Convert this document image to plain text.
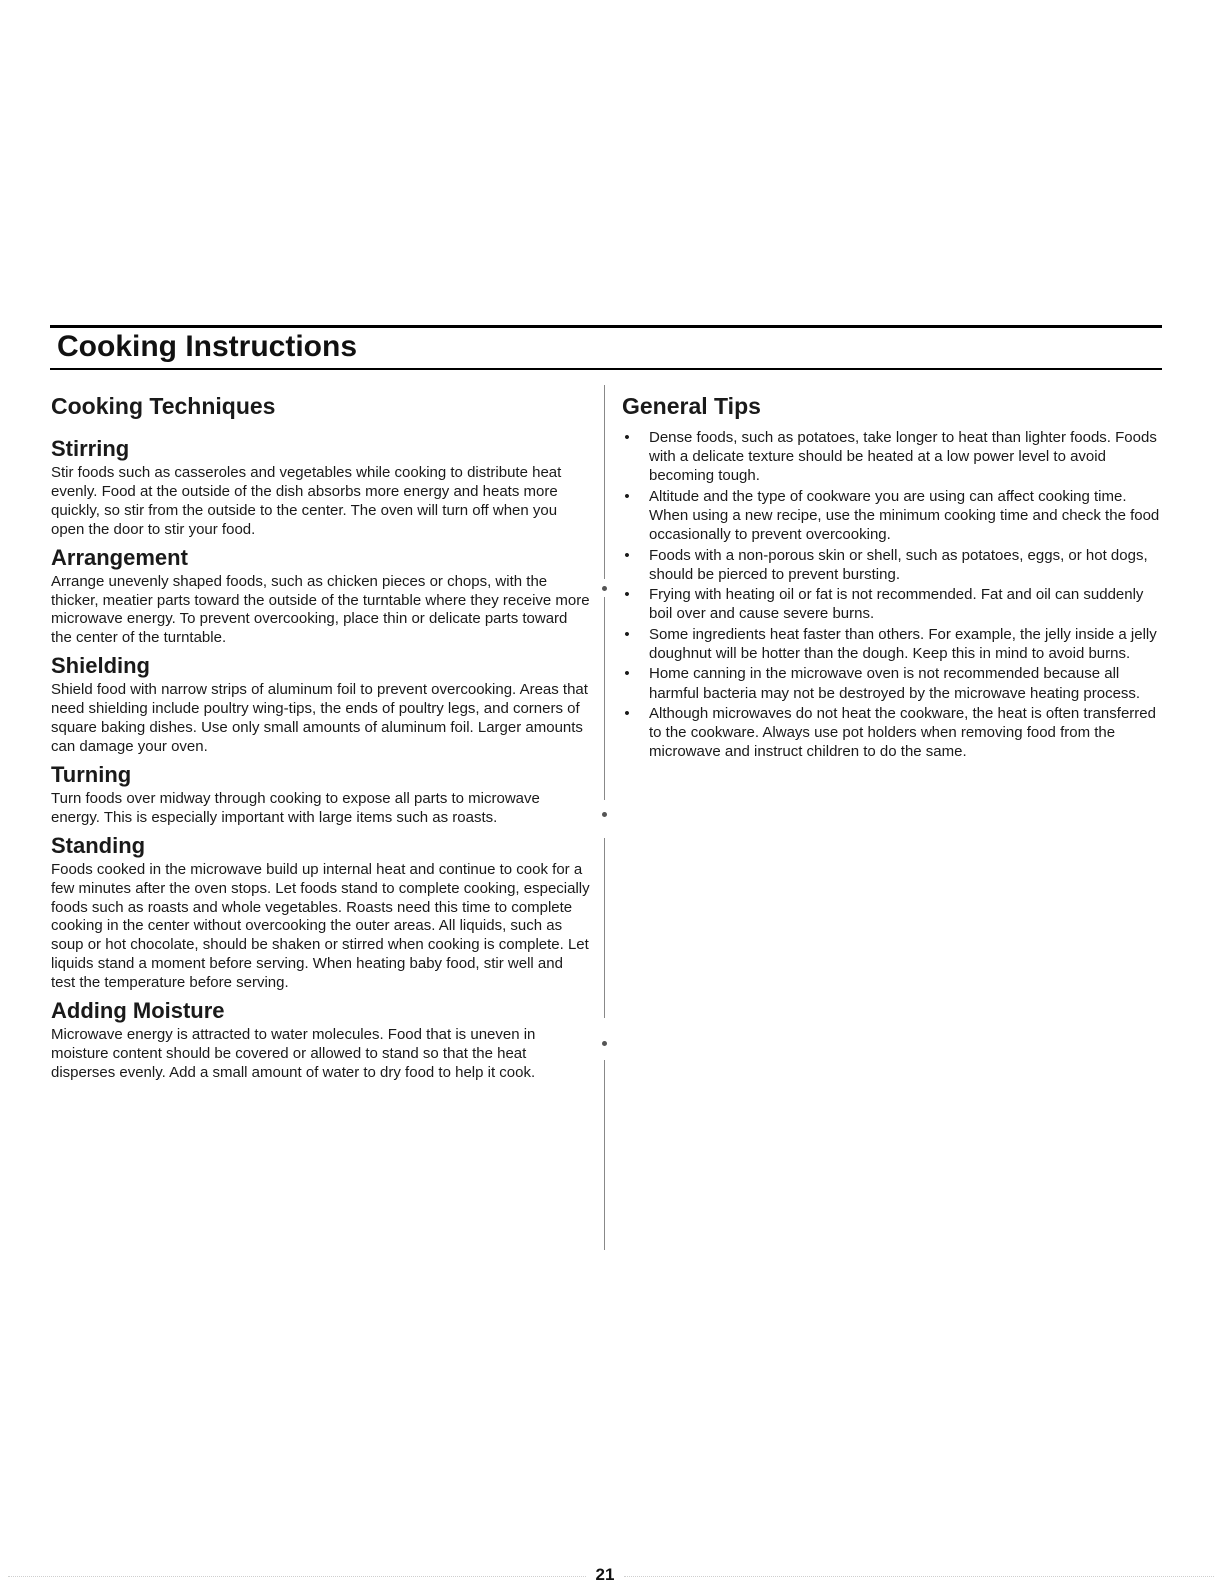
Cooking Instructions
Cooking Techniques
Stirring

Stir foods such as casseroles and vegetables while cooking to distribute heat evenly. Food at the outside of the dish absorbs more energy and heats more quickly, so stir from the outside to the center. The oven will turn off when you open the door to stir your food.

Arrangement

Arrange unevenly shaped foods, such as chicken pieces or chops, with the thicker, meatier parts toward the outside of the turntable where they receive more microwave energy. To prevent overcooking, place thin or delicate parts toward the center of the turntable.

Shielding

Shield food with narrow strips of aluminum foil to prevent overcooking. Areas that need shielding include poultry wing-tips, the ends of poultry legs, and corners of square baking dishes. Use only small amounts of aluminum foil. Larger amounts can damage your oven.

Turning

Turn foods over midway through cooking to expose all parts to microwave energy. This is especially important with large items such as roasts.

Standing

Foods cooked in the microwave build up internal heat and continue to cook for a few minutes after the oven stops. Let foods stand to complete cooking, especially foods such as roasts and whole vegetables. Roasts need this time to complete cooking in the center without overcooking the outer areas. All liquids, such as soup or hot chocolate, should be shaken or stirred when cooking is complete. Let liquids stand a moment before serving. When heating baby food, stir well and test the temperature before serving.

Adding Moisture

Microwave energy is attracted to water molecules. Food that is uneven in moisture content should be covered or allowed to stand so that the heat disperses evenly. Add a small amount of water to dry food to help it cook.

General Tips
• Dense foods, such as potatoes, take longer to heat than lighter foods. Foods with a delicate texture should be heated at a low power level to avoid becoming tough.
• Altitude and the type of cookware you are using can affect cooking time. When using a new recipe, use the minimum cooking time and check the food occasionally to prevent overcooking.
• Foods with a non-porous skin or shell, such as potatoes, eggs, or hot dogs, should be pierced to prevent bursting.
• Frying with heating oil or fat is not recommended. Fat and oil can suddenly boil over and cause severe burns.
• Some ingredients heat faster than others. For example, the jelly inside a jelly doughnut will be hotter than the dough. Keep this in mind to avoid burns.
• Home canning in the microwave oven is not recommended because all harmful bacteria may not be destroyed by the microwave heating process.
• Although microwaves do not heat the cookware, the heat is often transferred to the cookware. Always use pot holders when removing food from the microwave and instruct children to do the same.
21
